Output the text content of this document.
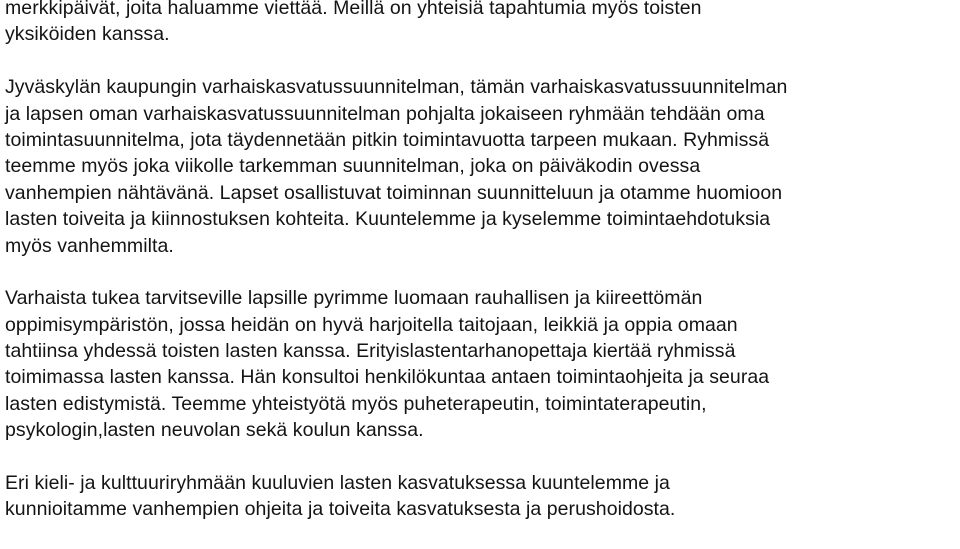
merkkipäivät, joita haluamme viettää. Meillä on yhteisiä tapahtumia myös toisten
yksiköiden kanssa.
Jyväskylän kaupungin varhaiskasvatussuunnitelman, tämän varhaiskasvatussuunnitelman
ja lapsen oman varhaiskasvatussuunnitelman pohjalta jokaiseen ryhmään tehdään oma
toimintasuunnitelma, jota täydennetään pitkin toimintavuotta tarpeen mukaan. Ryhmissä
teemme myös joka viikolle tarkemman suunnitelman, joka on päiväkodin ovessa
vanhempien nähtävänä. Lapset osallistuvat toiminnan suunnitteluun ja otamme huomioon
lasten toiveita ja kiinnostuksen kohteita. Kuuntelemme ja kyselemme toimintaehdotuksia
myös vanhemmilta.
Varhaista tukea tarvitseville lapsille pyrimme luomaan rauhallisen ja kiireettömän
oppimisympäristön, jossa heidän on hyvä harjoitella taitojaan, leikkiä ja oppia omaan
tahtiinsa yhdessä toisten lasten kanssa. Erityislastentarhanopettaja kiertää ryhmissä
toimimassa lasten kanssa. Hän konsultoi henkilökuntaa antaen toimintaohjeita ja seuraa
lasten edistymistä. Teemme yhteistyötä myös puheterapeutin, toimintaterapeutin,
psykologin,lasten neuvolan sekä koulun kanssa.
Eri kieli- ja kulttuuriryhmään kuuluvien lasten kasvatuksessa kuuntelemme ja
kunnioitamme vanhempien ohjeita ja toiveita kasvatuksesta ja perushoidosta.
